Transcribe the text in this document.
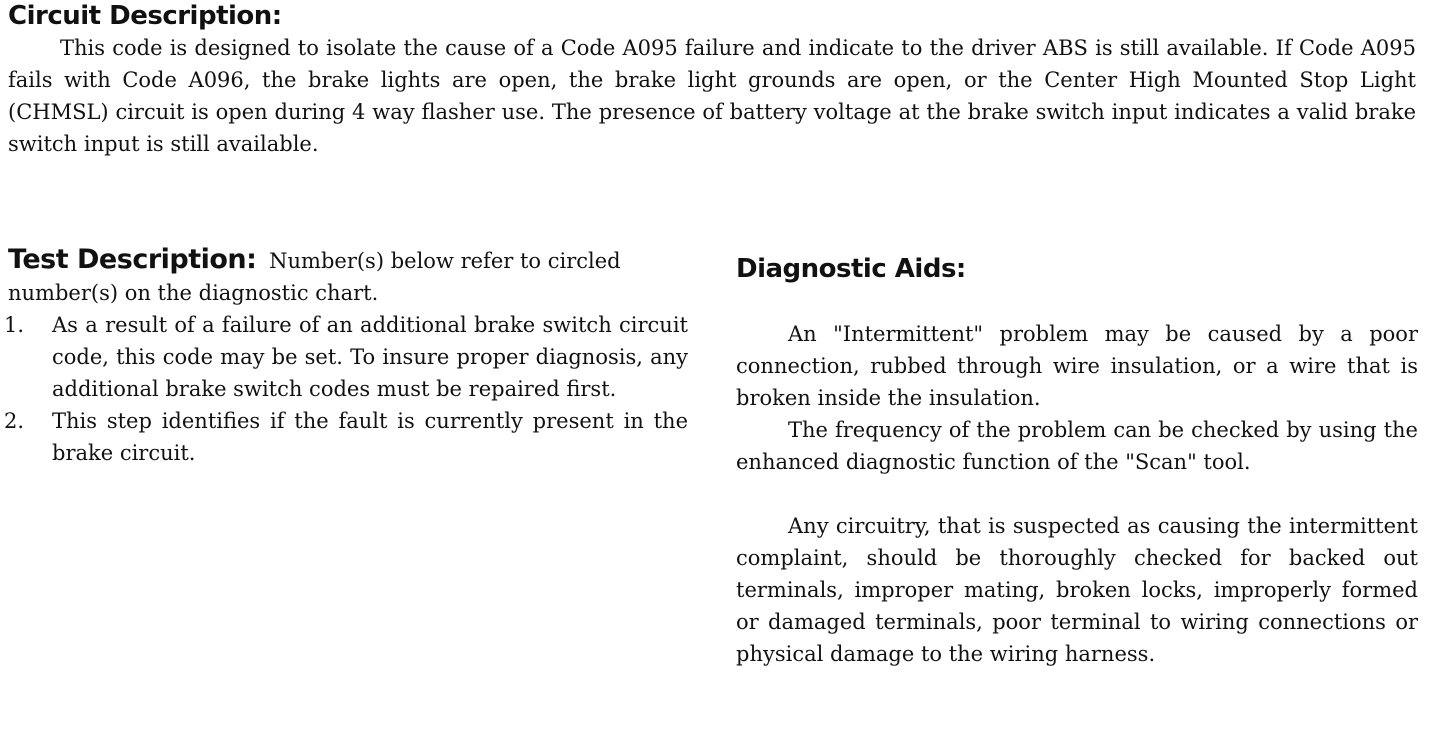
Circuit Description:
This code is designed to isolate the cause of a Code A095 failure and indicate to the driver ABS is still available. If Code A095 fails with Code A096, the brake lights are open, the brake light grounds are open, or the Center High Mounted Stop Light (CHMSL) circuit is open during 4 way flasher use. The presence of battery voltage at the brake switch input indicates a valid brake switch input is still available.
Test Description: Number(s) below refer to circled number(s) on the diagnostic chart.
1. As a result of a failure of an additional brake switch circuit code, this code may be set. To insure proper diagnosis, any additional brake switch codes must be repaired first.
2. This step identifies if the fault is currently present in the brake circuit.
Diagnostic Aids:

An "Intermittent" problem may be caused by a poor connection, rubbed through wire insulation, or a wire that is broken inside the insulation.

The frequency of the problem can be checked by using the enhanced diagnostic function of the "Scan" tool.

Any circuitry, that is suspected as causing the intermittent complaint, should be thoroughly checked for backed out terminals, improper mating, broken locks, improperly formed or damaged terminals, poor terminal to wiring connections or physical damage to the wiring harness.
